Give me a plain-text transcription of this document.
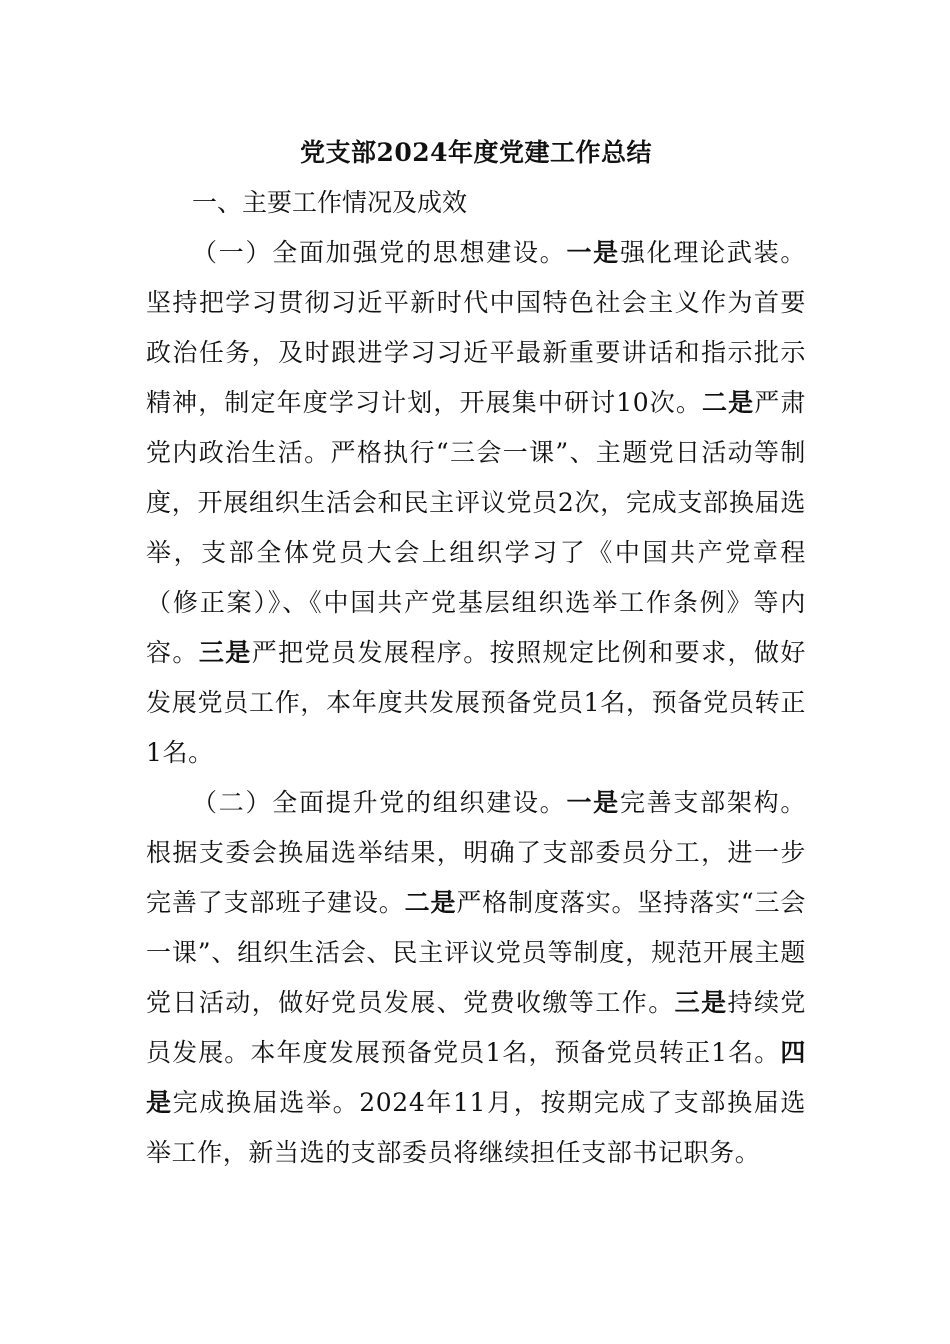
党支部2024年度党建工作总结

一、主要工作情况及成效

（一）全面加强党的思想建设。一是强化理论武装。坚持把学习贯彻习近平新时代中国特色社会主义作为首要政治任务，及时跟进学习习近平最新重要讲话和指示批示精神，制定年度学习计划，开展集中研讨10次。二是严肃党内政治生活。严格执行“三会一课”、主题党日活动等制度，开展组织生活会和民主评议党员2次，完成支部换届选举，支部全体党员大会上组织学习了《中国共产党章程（修正案）》、《中国共产党基层组织选举工作条例》等内容。三是严把党员发展程序。按照规定比例和要求，做好发展党员工作，本年度共发展预备党员1名，预备党员转正1名。

（二）全面提升党的组织建设。一是完善支部架构。根据支委会换届选举结果，明确了支部委员分工，进一步完善了支部班子建设。二是严格制度落实。坚持落实“三会一课”、组织生活会、民主评议党员等制度，规范开展主题党日活动，做好党员发展、党费收缴等工作。三是持续党员发展。本年度发展预备党员1名，预备党员转正1名。四是完成换届选举。2024年11月，按期完成了支部换届选举工作，新当选的支部委员将继续担任支部书记职务。
